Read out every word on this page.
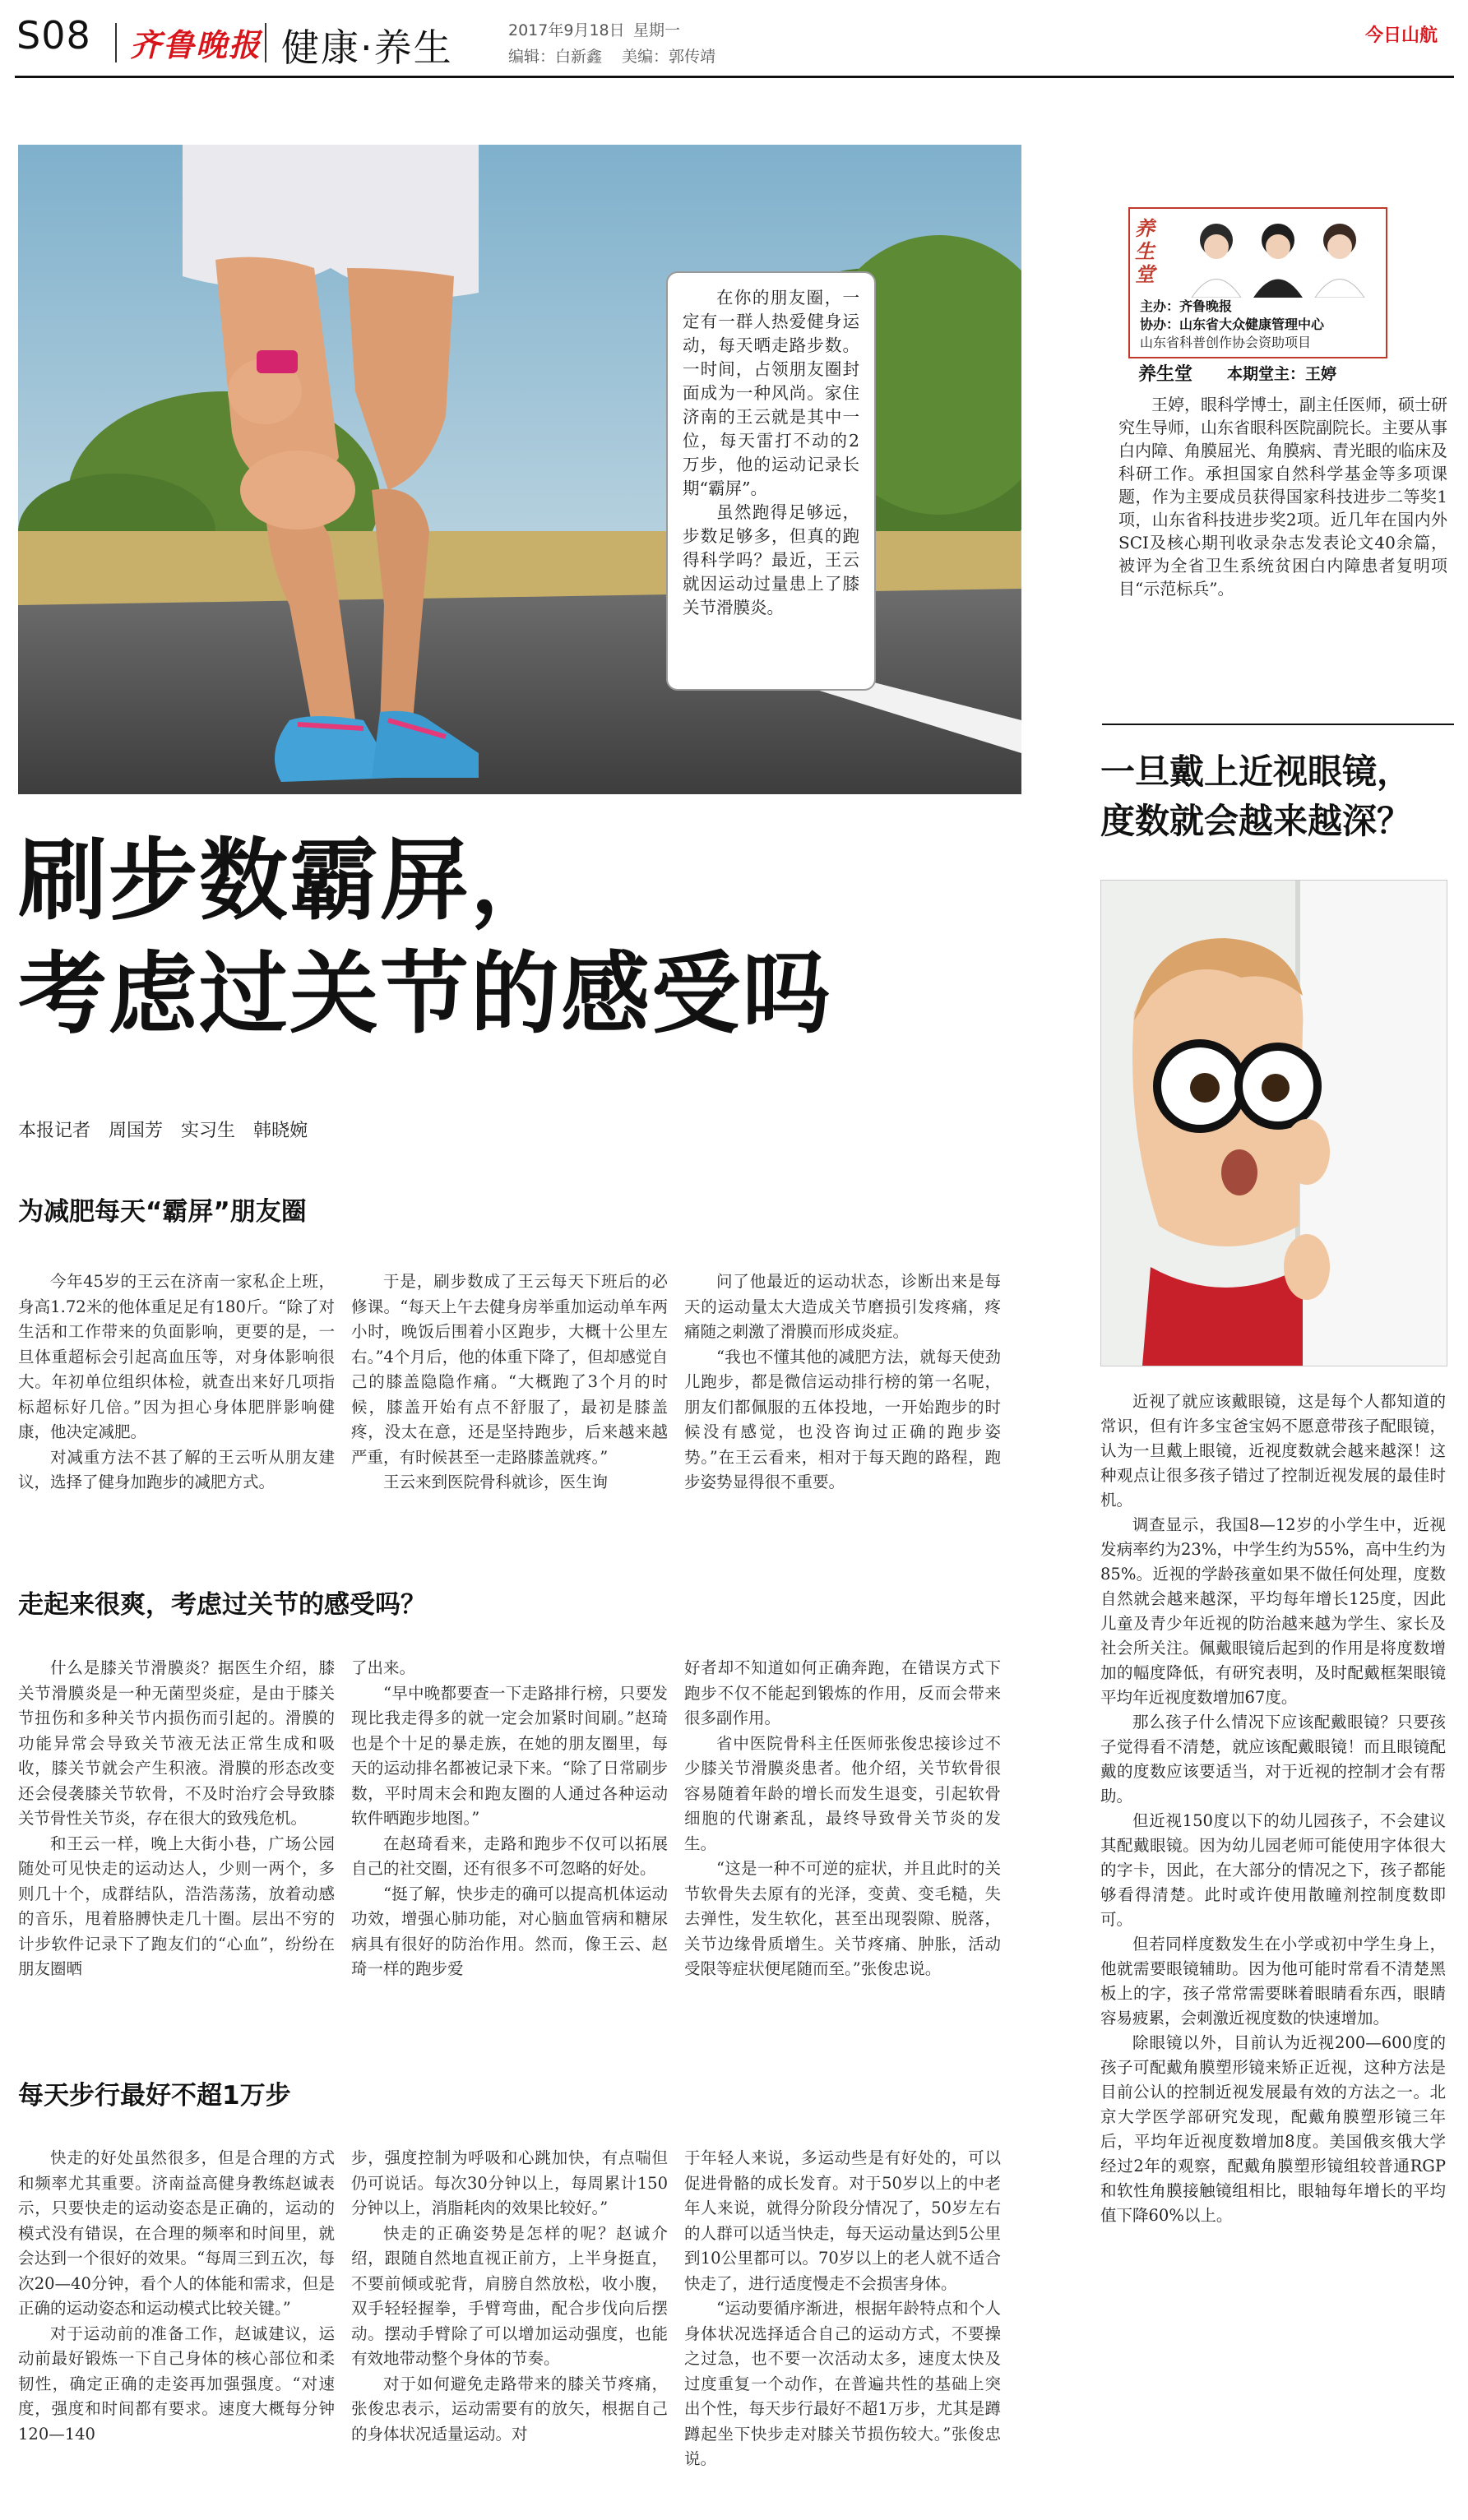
S08 齐鲁晚报 健康·养生	2017年9月18日 星期一
编辑：白新鑫 美编：郭传靖
今日山航

在你的朋友圈，一定有一群人热爱健身运动，每天晒走路步数。一时间，占领朋友圈封面成为一种风尚。家住济南的王云就是其中一位，每天雷打不动的2万步，他的运动记录长期“霸屏”。

虽然跑得足够远，步数足够多，但真的跑得科学吗？最近，王云就因运动过量患上了膝关节滑膜炎。

刷步数霸屏，
考虑过关节的感受吗
本报记者　周国芳　实习生　韩晓婉
为减肥每天“霸屏”朋友圈

今年45岁的王云在济南一家私企上班，身高1.72米的他体重足足有180斤。“除了对生活和工作带来的负面影响，更要的是，一旦体重超标会引起高血压等，对身体影响很大。年初单位组织体检，就查出来好几项指标超标好几倍。”因为担心身体肥胖影响健康，他决定减肥。

对减重方法不甚了解的王云听从朋友建议，选择了健身加跑步的减肥方式。

于是，刷步数成了王云每天下班后的必修课。“每天上午去健身房举重加运动单车两小时，晚饭后围着小区跑步，大概十公里左右。”4个月后，他的体重下降了，但却感觉自己的膝盖隐隐作痛。“大概跑了3个月的时候，膝盖开始有点不舒服了，最初是膝盖疼，没太在意，还是坚持跑步，后来越来越严重，有时候甚至一走路膝盖就疼。”

王云来到医院骨科就诊，医生询

问了他最近的运动状态，诊断出来是每天的运动量太大造成关节磨损引发疼痛，疼痛随之刺激了滑膜而形成炎症。

“我也不懂其他的减肥方法，就每天使劲儿跑步，都是微信运动排行榜的第一名呢，朋友们都佩服的五体投地，一开始跑步的时候没有感觉，也没咨询过正确的跑步姿势。”在王云看来，相对于每天跑的路程，跑步姿势显得很不重要。

走起来很爽，考虑过关节的感受吗？

什么是膝关节滑膜炎？据医生介绍，膝关节滑膜炎是一种无菌型炎症，是由于膝关节扭伤和多种关节内损伤而引起的。滑膜的功能异常会导致关节液无法正常生成和吸收，膝关节就会产生积液。滑膜的形态改变还会侵袭膝关节软骨，不及时治疗会导致膝关节骨性关节炎，存在很大的致残危机。

和王云一样，晚上大街小巷，广场公园随处可见快走的运动达人，少则一两个，多则几十个，成群结队，浩浩荡荡，放着动感的音乐，甩着胳膊快走几十圈。层出不穷的计步软件记录下了跑友们的“心血”，纷纷在朋友圈晒

了出来。

“早中晚都要查一下走路排行榜，只要发现比我走得多的就一定会加紧时间刷。”赵琦也是个十足的暴走族，在她的朋友圈里，每天的运动排名都被记录下来。“除了日常刷步数，平时周末会和跑友圈的人通过各种运动软件晒跑步地图。”

在赵琦看来，走路和跑步不仅可以拓展自己的社交圈，还有很多不可忽略的好处。

“挺了解，快步走的确可以提高机体运动功效，增强心肺功能，对心脑血管病和糖尿病具有很好的防治作用。然而，像王云、赵琦一样的跑步爱

好者却不知道如何正确奔跑，在错误方式下跑步不仅不能起到锻炼的作用，反而会带来很多副作用。

省中医院骨科主任医师张俊忠接诊过不少膝关节滑膜炎患者。他介绍，关节软骨很容易随着年龄的增长而发生退变，引起软骨细胞的代谢紊乱，最终导致骨关节炎的发生。

“这是一种不可逆的症状，并且此时的关节软骨失去原有的光泽，变黄、变毛糙，失去弹性，发生软化，甚至出现裂隙、脱落，关节边缘骨质增生。关节疼痛、肿胀，活动受限等症状便尾随而至。”张俊忠说。

每天步行最好不超1万步

快走的好处虽然很多，但是合理的方式和频率尤其重要。济南益高健身教练赵诚表示，只要快走的运动姿态是正确的，运动的模式没有错误，在合理的频率和时间里，就会达到一个很好的效果。“每周三到五次，每次20—40分钟，看个人的体能和需求，但是正确的运动姿态和运动模式比较关键。”

对于运动前的准备工作，赵诚建议，运动前最好锻炼一下自己身体的核心部位和柔韧性，确定正确的走姿再加强强度。“对速度，强度和时间都有要求。速度大概每分钟120—140

步，强度控制为呼吸和心跳加快，有点喘但仍可说话。每次30分钟以上，每周累计150分钟以上，消脂耗肉的效果比较好。”

快走的正确姿势是怎样的呢？赵诚介绍，跟随自然地直视正前方，上半身挺直，不要前倾或驼背，肩膀自然放松，收小腹，双手轻轻握拳，手臂弯曲，配合步伐向后摆动。摆动手臂除了可以增加运动强度，也能有效地带动整个身体的节奏。

对于如何避免走路带来的膝关节疼痛，张俊忠表示，运动需要有的放矢，根据自己的身体状况适量运动。对

于年轻人来说，多运动些是有好处的，可以促进骨骼的成长发育。对于50岁以上的中老年人来说，就得分阶段分情况了，50岁左右的人群可以适当快走，每天运动量达到5公里到10公里都可以。70岁以上的老人就不适合快走了，进行适度慢走不会损害身体。

“运动要循序渐进，根据年龄特点和个人身体状况选择适合自己的运动方式，不要操之过急，也不要一次活动太多，速度太快及过度重复一个动作，在普遍共性的基础上突出个性，每天步行最好不超1万步，尤其是蹲蹲起坐下快步走对膝关节损伤较大。”张俊忠说。

养生堂
主办：齐鲁晚报
协办：山东省大众健康管理中心
山东省科普创作协会资助项目
养生堂 本期堂主：王婷
王婷，眼科学博士，副主任医师，硕士研究生导师，山东省眼科医院副院长。主要从事白内障、角膜屈光、角膜病、青光眼的临床及科研工作。承担国家自然科学基金等多项课题，作为主要成员获得国家科技进步二等奖1项，山东省科技进步奖2项。近几年在国内外SCI及核心期刊收录杂志发表论文40余篇，被评为全省卫生系统贫困白内障患者复明项目“示范标兵”。
一旦戴上近视眼镜，
度数就会越来越深？

近视了就应该戴眼镜，这是每个人都知道的常识，但有许多宝爸宝妈不愿意带孩子配眼镜，认为一旦戴上眼镜，近视度数就会越来越深！这种观点让很多孩子错过了控制近视发展的最佳时机。

调查显示，我国8—12岁的小学生中，近视发病率约为23%，中学生约为55%，高中生约为85%。近视的学龄孩童如果不做任何处理，度数自然就会越来越深，平均每年增长125度，因此儿童及青少年近视的防治越来越为学生、家长及社会所关注。佩戴眼镜后起到的作用是将度数增加的幅度降低，有研究表明，及时配戴框架眼镜平均年近视度数增加67度。

那么孩子什么情况下应该配戴眼镜？只要孩子觉得看不清楚，就应该配戴眼镜！而且眼镜配戴的度数应该要适当，对于近视的控制才会有帮助。

但近视150度以下的幼儿园孩子，不会建议其配戴眼镜。因为幼儿园老师可能使用字体很大的字卡，因此，在大部分的情况之下，孩子都能够看得清楚。此时或许使用散瞳剂控制度数即可。

但若同样度数发生在小学或初中学生身上，他就需要眼镜辅助。因为他可能时常看不清楚黑板上的字，孩子常常需要眯着眼睛看东西，眼睛容易疲累，会刺激近视度数的快速增加。

除眼镜以外，目前认为近视200—600度的孩子可配戴角膜塑形镜来矫正近视，这种方法是目前公认的控制近视发展最有效的方法之一。北京大学医学部研究发现，配戴角膜塑形镜三年后，平均年近视度数增加8度。美国俄亥俄大学经过2年的观察，配戴角膜塑形镜组较普通RGP和软性角膜接触镜组相比，眼轴每年增长的平均值下降60%以上。
